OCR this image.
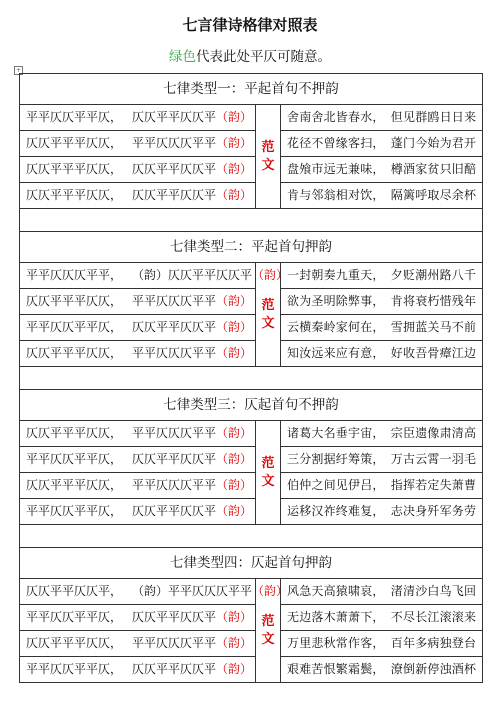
七言律诗格律对照表
绿色代表此处平仄可随意。
+
七律类型一：平起首句不押韵
平平仄仄平平仄， 仄仄平平仄仄平（韵）
仄仄平平平仄仄， 平平仄仄仄平平（韵）
仄仄平平平仄仄， 仄仄平平仄仄平（韵）
仄仄平平平仄仄， 仄仄平平仄仄平（韵）
范
文
舍南舍北皆春水，　但见群鸥日日来
花径不曾缘客扫，　蓬门今始为君开
盘飧市远无兼味，　樽酒家贫只旧醅
肯与邻翁相对饮，　隔篱呼取尽余杯
七律类型二：平起首句押韵
平平仄仄仄平平， （韵）仄仄平平仄仄平（韵）
仄仄平平平仄仄， 平平仄仄仄平平（韵）
平平仄仄平平仄， 仄仄平平仄仄平（韵）
仄仄平平平仄仄， 平平仄仄仄平平（韵）
范
文
一封朝奏九重天，　夕贬潮州路八千
欲为圣明除弊事，　肯将衰朽惜残年
云横秦岭家何在，　雪拥蓝关马不前
知汝远来应有意，　好收吾骨瘴江边
七律类型三：仄起首句不押韵
仄仄平平平仄仄， 平平仄仄仄平平（韵）
平平仄仄平平仄， 仄仄平平仄仄平（韵）
仄仄平平平仄仄， 平平仄仄仄平平（韵）
平平仄仄平平仄， 仄仄平平仄仄平（韵）
范
文
诸葛大名垂宇宙，　宗臣遗像肃清高
三分割据纡筹策，　万古云霄一羽毛
伯仲之间见伊吕，　指挥若定失萧曹
运移汉祚终难复，　志决身歼军务劳
七律类型四：仄起首句押韵
仄仄平平仄仄平， （韵）平平仄仄仄平平（韵）
平平仄仄平平仄， 仄仄平平仄仄平（韵）
仄仄平平平仄仄， 平平仄仄仄平平（韵）
平平仄仄平平仄， 仄仄平平仄仄平（韵）
范
文
风急天高猿啸哀，　渚清沙白鸟飞回
无边落木萧萧下，　不尽长江滚滚来
万里悲秋常作客，　百年多病独登台
艰难苦恨繁霜鬓，　潦倒新停浊酒杯
